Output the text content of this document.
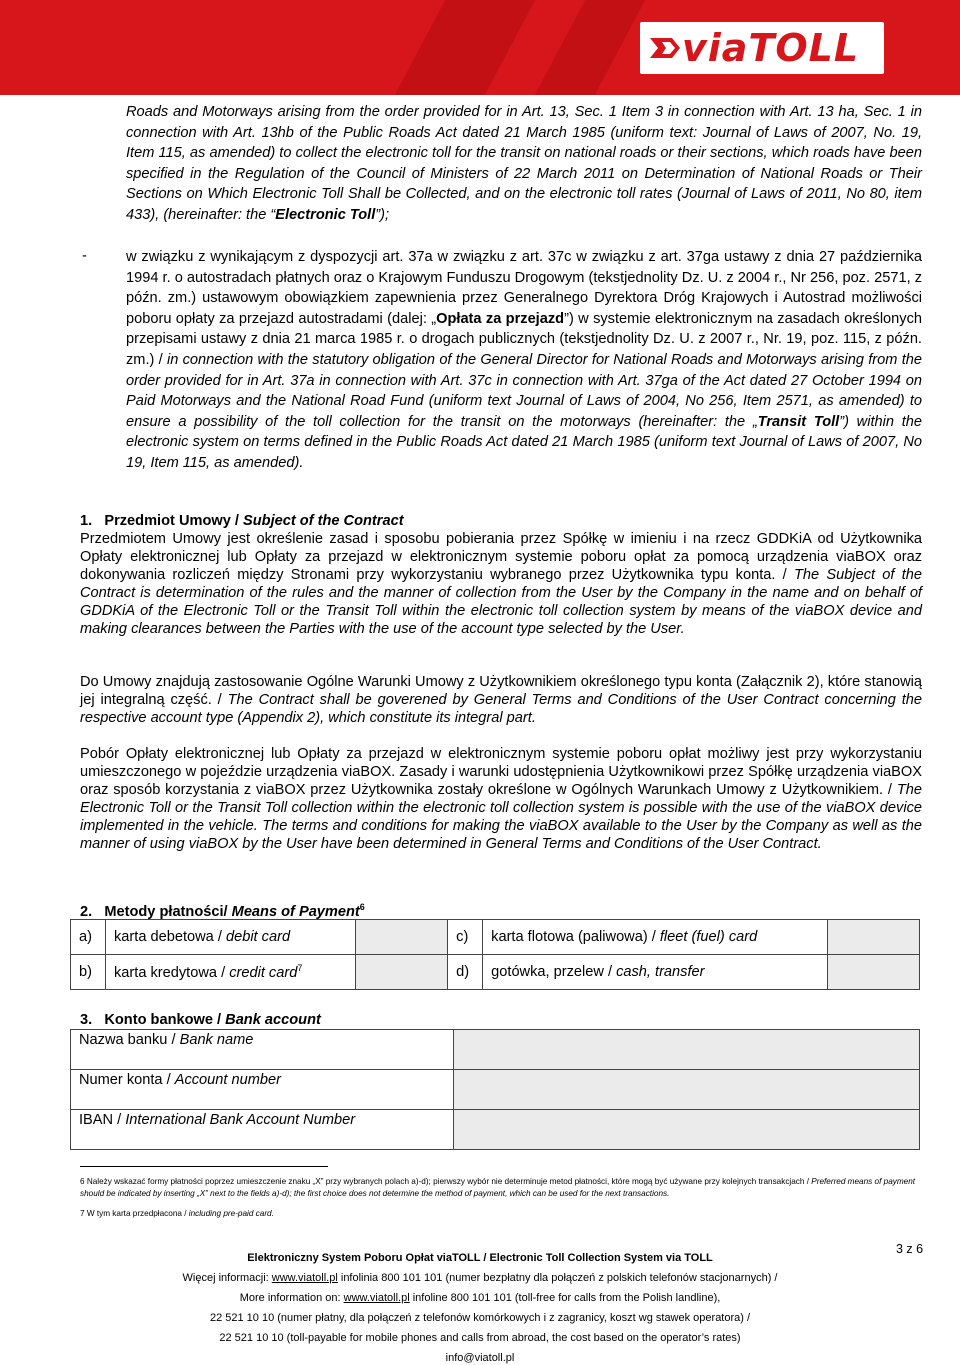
viaTOLL
Roads and Motorways arising from the order provided for in Art. 13, Sec. 1 Item 3 in connection with Art. 13 ha, Sec. 1 in connection with Art. 13hb of the Public Roads Act dated 21 March 1985 (uniform text: Journal of Laws of 2007, No. 19, Item 115, as amended) to collect the electronic toll for the transit on national roads or their sections, which roads have been specified in the Regulation of the Council of Ministers of 22 March 2011 on Determination of National Roads or Their Sections on Which Electronic Toll Shall be Collected, and on the electronic toll rates (Journal of Laws of 2011, No 80, item 433), (hereinafter: the “Electronic Toll”);
-	w związku z wynikającym z dyspozycji art. 37a w związku z art. 37c w związku z art. 37ga ustawy z dnia 27 października 1994 r. o autostradach płatnych oraz o Krajowym Funduszu Drogowym (tekstjednolity Dz. U. z 2004 r., Nr 256, poz. 2571, z późn. zm.) ustawowym obowiązkiem zapewnienia przez Generalnego Dyrektora Dróg Krajowych i Autostrad możliwości poboru opłaty za przejazd autostradami (dalej: „Opłata za przejazd”) w systemie elektronicznym na zasadach określonych przepisami ustawy z dnia 21 marca 1985 r. o drogach publicznych (tekstjednolity Dz. U. z 2007 r., Nr. 19, poz. 115, z późn. zm.) / in connection with the statutory obligation of the General Director for National Roads and Motorways arising from the order provided for in Art. 37a in connection with Art. 37c in connection with Art. 37ga of the Act dated 27 October 1994 on Paid Motorways and the National Road Fund (uniform text Journal of Laws of 2004, No 256, Item 2571, as amended) to ensure a possibility of the toll collection for the transit on the motorways (hereinafter: the „Transit Toll”) within the electronic system on terms defined in the Public Roads Act dated 21 March 1985 (uniform text Journal of Laws of 2007, No 19, Item 115, as amended).
1. Przedmiot Umowy / Subject of the Contract
Przedmiotem Umowy jest określenie zasad i sposobu pobierania przez Spółkę w imieniu i na rzecz GDDKiA od Użytkownika Opłaty elektronicznej lub Opłaty za przejazd w elektronicznym systemie poboru opłat za pomocą urządzenia viaBOX oraz dokonywania rozliczeń między Stronami przy wykorzystaniu wybranego przez Użytkownika typu konta. / The Subject of the Contract is determination of the rules and the manner of collection from the User by the Company in the name and on behalf of GDDKiA of the Electronic Toll or the Transit Toll within the electronic toll collection system by means of the viaBOX device and making clearances between the Parties with the use of the account type selected by the User.
Do Umowy znajdują zastosowanie Ogólne Warunki Umowy z Użytkownikiem określonego typu konta (Załącznik 2), które stanowią jej integralną część. / The Contract shall be goverened by General Terms and Conditions of the User Contract concerning the respective account type (Appendix 2), which constitute its integral part.
Pobór Opłaty elektronicznej lub Opłaty za przejazd w elektronicznym systemie poboru opłat możliwy jest przy wykorzystaniu umieszczonego w pojeździe urządzenia viaBOX. Zasady i warunki udostępnienia Użytkownikowi przez Spółkę urządzenia viaBOX oraz sposób korzystania z viaBOX przez Użytkownika zostały określone w Ogólnych Warunkach Umowy z Użytkownikiem. / The Electronic Toll or the Transit Toll collection within the electronic toll collection system is possible with the use of the viaBOX device implemented in the vehicle. The terms and conditions for making the viaBOX available to the User by the Company as well as the manner of using viaBOX by the User have been determined in General Terms and Conditions of the User Contract.
2. Metody płatności/ Means of Payment$^6$
a)	karta debetowa / debit card		c)	karta flotowa (paliwowa) / fleet (fuel) card	
b)	karta kredytowa / credit card$^7$		d)	gotówka, przelew / cash, transfer	
3. Konto bankowe / Bank account
Nazwa banku / Bank name	
Numer konta / Account number	
IBAN / International Bank Account Number	
6 Należy wskazać formy płatności poprzez umieszczenie znaku „X” przy wybranych polach a)-d); pierwszy wybór nie determinuje metod płatności, które mogą być używane przy kolejnych transakcjach / Preferred means of payment should be indicated by inserting „X” next to the fields a)-d); the first choice does not determine the method of payment, which can be used for the next transactions.
7 W tym karta przedpłacona / including pre-paid card.
3 z 6
Elektroniczny System Poboru Opłat viaTOLL / Electronic Toll Collection System via TOLL
Więcej informacji: www.viatoll.pl infolinia 800 101 101 (numer bezpłatny dla połączeń z polskich telefonów stacjonarnych) /
More information on: www.viatoll.pl infoline 800 101 101 (toll-free for calls from the Polish landline),
22 521 10 10 (numer płatny, dla połączeń z telefonów komórkowych i z zagranicy, koszt wg stawek operatora) /
22 521 10 10 (toll-payable for mobile phones and calls from abroad, the cost based on the operator’s rates)
info@viatoll.pl
